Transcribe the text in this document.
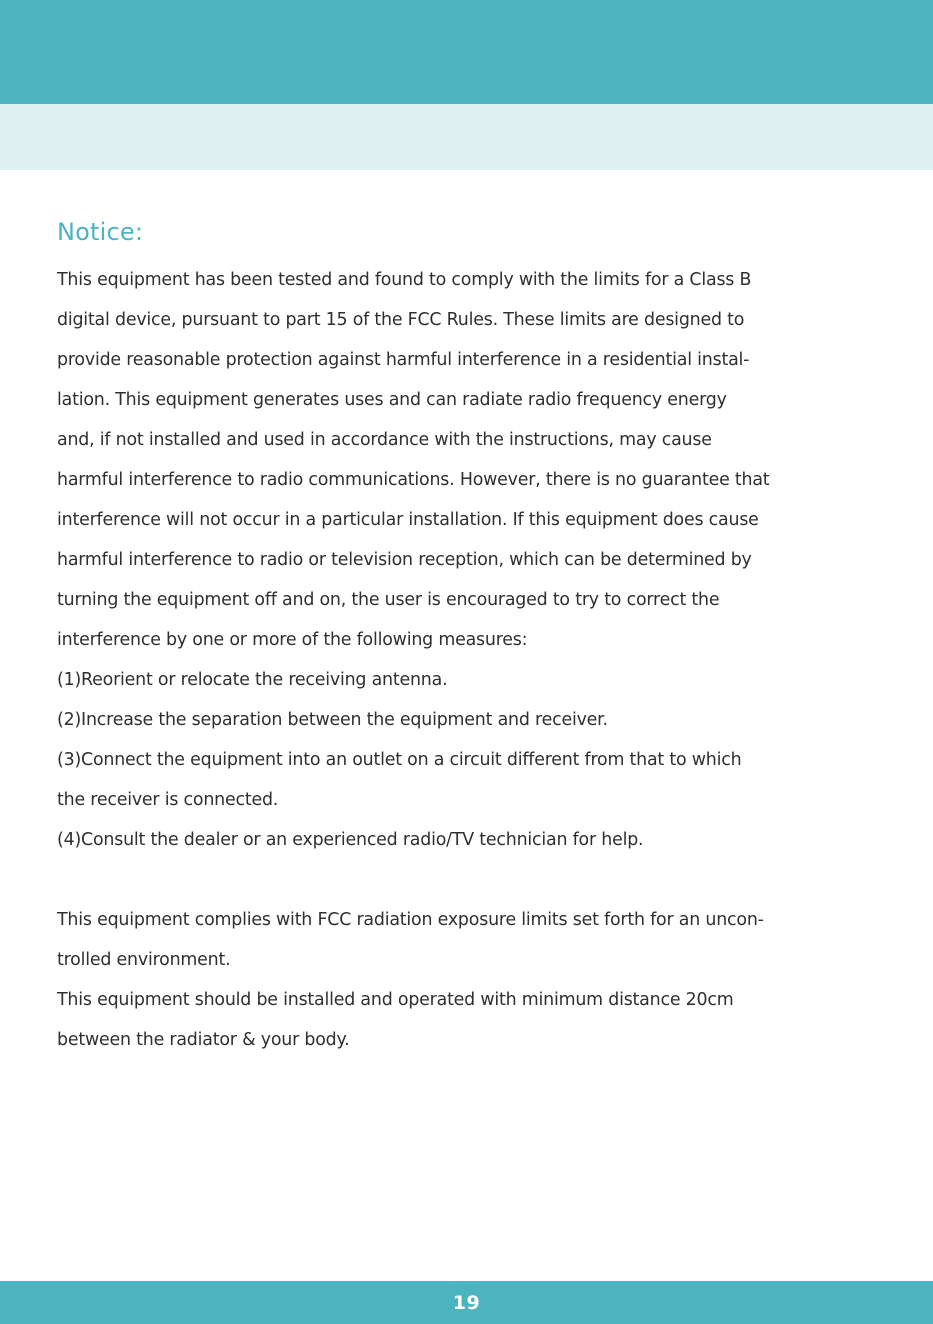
Notice:
This equipment has been tested and found to comply with the limits for a Class B
digital device, pursuant to part 15 of the FCC Rules. These limits are designed to
provide reasonable protection against harmful interference in a residential instal-
lation. This equipment generates uses and can radiate radio frequency energy
and, if not installed and used in accordance with the instructions, may cause
harmful interference to radio communications. However, there is no guarantee that
interference will not occur in a particular installation. If this equipment does cause
harmful interference to radio or television reception, which can be determined by
turning the equipment off and on, the user is encouraged to try to correct the
interference by one or more of the following measures:
(1)Reorient or relocate the receiving antenna.
(2)Increase the separation between the equipment and receiver.
(3)Connect the equipment into an outlet on a circuit different from that to which
the receiver is connected.
(4)Consult the dealer or an experienced radio/TV technician for help.
This equipment complies with FCC radiation exposure limits set forth for an uncon-
trolled environment.
This equipment should be installed and operated with minimum distance 20cm
between the radiator & your body.
19
